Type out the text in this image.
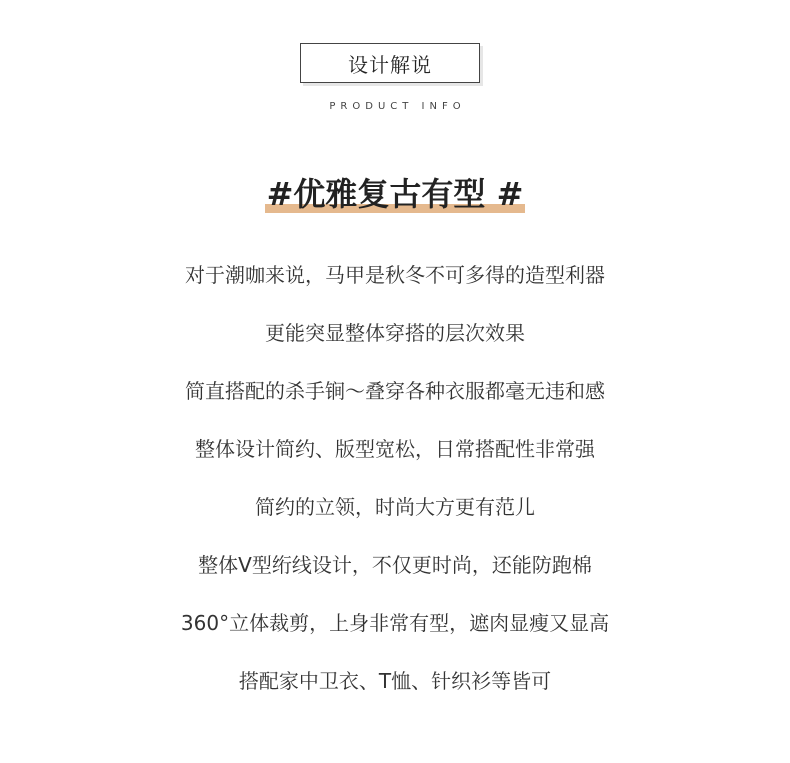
设计解说
PRODUCT INFO
#优雅复古有型 #
对于潮咖来说，马甲是秋冬不可多得的造型利器
更能突显整体穿搭的层次效果
简直搭配的杀手锏～叠穿各种衣服都毫无违和感
整体设计简约、版型宽松，日常搭配性非常强
简约的立领，时尚大方更有范儿
整体V型绗线设计，不仅更时尚，还能防跑棉
360°立体裁剪，上身非常有型，遮肉显瘦又显高
搭配家中卫衣、T恤、针织衫等皆可
